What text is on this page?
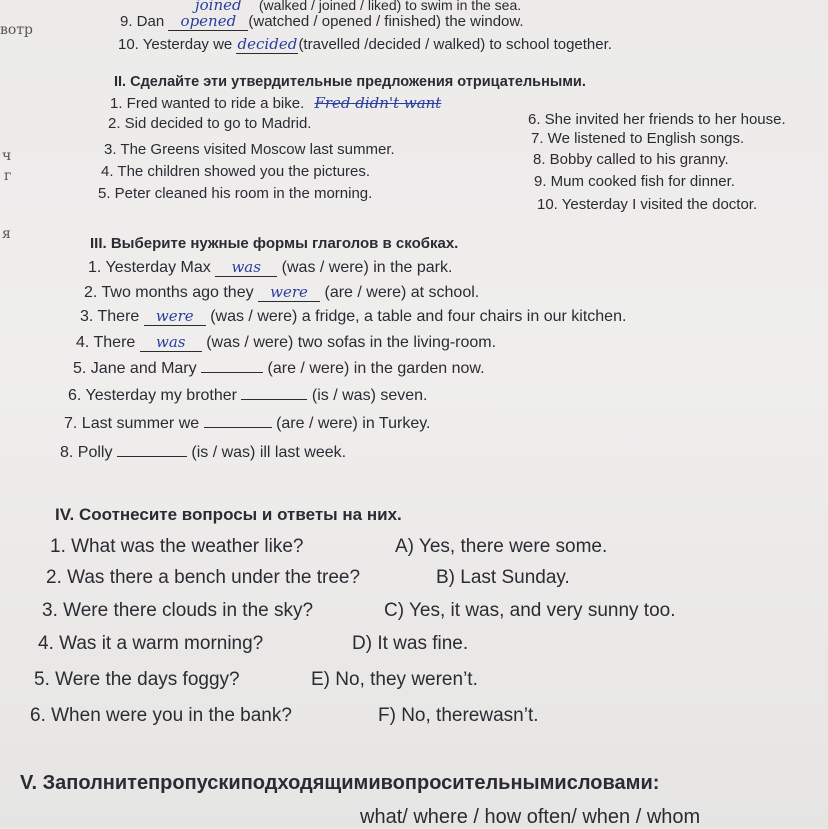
joined (walked / joined / liked) to swim in the sea.
9. Dan opened (watched / opened / finished) the window.
10. Yesterday we decided(travelled /decided / walked) to school together.
вотр
ч
г
я
II. Сделайте эти утвердительные предложения отрицательными.
1. Fred wanted to ride a bike. Fred didn't want
2. Sid decided to go to Madrid.
3. The Greens visited Moscow last summer.
4. The children showed you the pictures.
5. Peter cleaned his room in the morning.
6. She invited her friends to her house.
7. We listened to English songs.
8. Bobby called to his granny.
9. Mum cooked fish for dinner.
10. Yesterday I visited the doctor.
III. Выберите нужные формы глаголов в скобках.
1. Yesterday Max was (was / were) in the park.
2. Two months ago they were (are / were) at school.
3. There were (was / were) a fridge, a table and four chairs in our kitchen.
4. There was (was / were) two sofas in the living-room.
5. Jane and Mary	(are / were) in the garden now.
6. Yesterday my brother	(is / was) seven.
7. Last summer we	(are / were) in Turkey.
8. Polly	(is / was) ill last week.
IV. Соотнесите вопросы и ответы на них.
1. What was the weather like?	A) Yes, there were some.
2. Was there a bench under the tree?	B) Last Sunday.
3. Were there clouds in the sky?	C) Yes, it was, and very sunny too.
4. Was it a warm morning?	D) It was fine.
5. Were the days foggy?	E) No, they weren’t.
6. When were you in the bank?	F) No, therewasn’t.
V. Заполнитепропускиподходящимивопросительнымисловами:
what/ where / how often/ when / whom
